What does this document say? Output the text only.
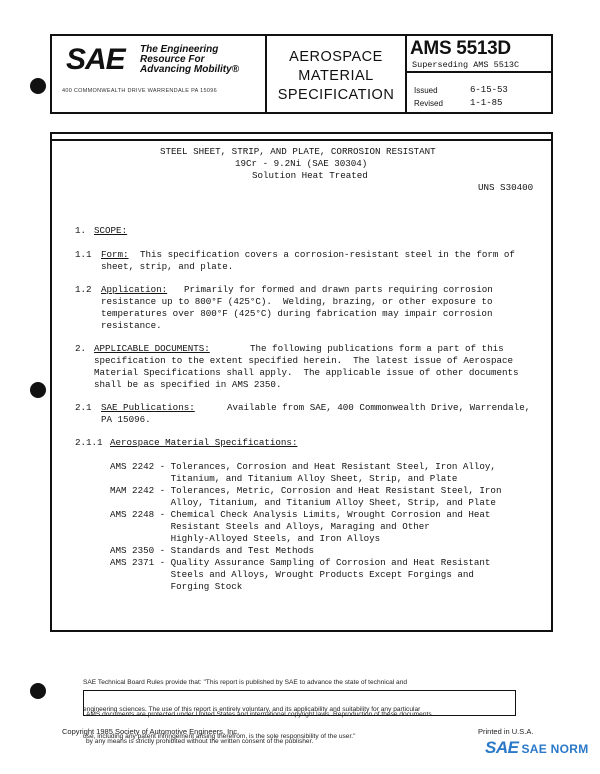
SAE The Engineering
Resource For
Advancing Mobility®
400 COMMONWEALTH DRIVE WARRENDALE PA 15096
AEROSPACE
MATERIAL
SPECIFICATION
AMS 5513D
Superseding AMS 5513C
Issued	6-15-53
Revised	1-1-85
STEEL SHEET, STRIP, AND PLATE, CORROSION RESISTANT
19Cr - 9.2Ni (SAE 30304)
Solution Heat Treated
UNS S30400
1. SCOPE:
1.1 Form: This specification covers a corrosion-resistant steel in the form of
sheet, strip, and plate.
1.2 Application: Primarily for formed and drawn parts requiring corrosion
resistance up to 800°F (425°C).  Welding, brazing, or other exposure to
temperatures over 800°F (425°C) during fabrication may impair corrosion
resistance.
2. APPLICABLE DOCUMENTS:	The following publications form a part of this
specification to the extent specified herein.  The latest issue of Aerospace
Material Specifications shall apply.  The applicable issue of other documents
shall be as specified in AMS 2350.
2.1 SAE Publications:	Available from SAE, 400 Commonwealth Drive, Warrendale,
PA 15096.
2.1.1 Aerospace Material Specifications:
AMS 2242 - Tolerances, Corrosion and Heat Resistant Steel, Iron Alloy,
Titanium, and Titanium Alloy Sheet, Strip, and Plate
MAM 2242 - Tolerances, Metric, Corrosion and Heat Resistant Steel, Iron
Alloy, Titanium, and Titanium Alloy Sheet, Strip, and Plate
AMS 2248 - Chemical Check Analysis Limits, Wrought Corrosion and Heat
Resistant Steels and Alloys, Maraging and Other
Highly-Alloyed Steels, and Iron Alloys
AMS 2350 - Standards and Test Methods
AMS 2371 - Quality Assurance Sampling of Corrosion and Heat Resistant
Steels and Alloys, Wrought Products Except Forgings and
Forging Stock

SAE Technical Board Rules provide that: "This report is published by SAE to advance the state of technical and

engineering sciences. The use of this report is entirely voluntary, and its applicability and suitability for any particular

use, including any patent infringement arising therefrom, is the sole responsibility of the user."

AMS documents are protected under United States and international copyright laws. Reproduction of these documents

by any means is strictly prohibited without the written consent of the publisher.

Copyright 1985 Society of Automotive Engineers, Inc.	Printed in U.S.A.
SAE SAE NORM
